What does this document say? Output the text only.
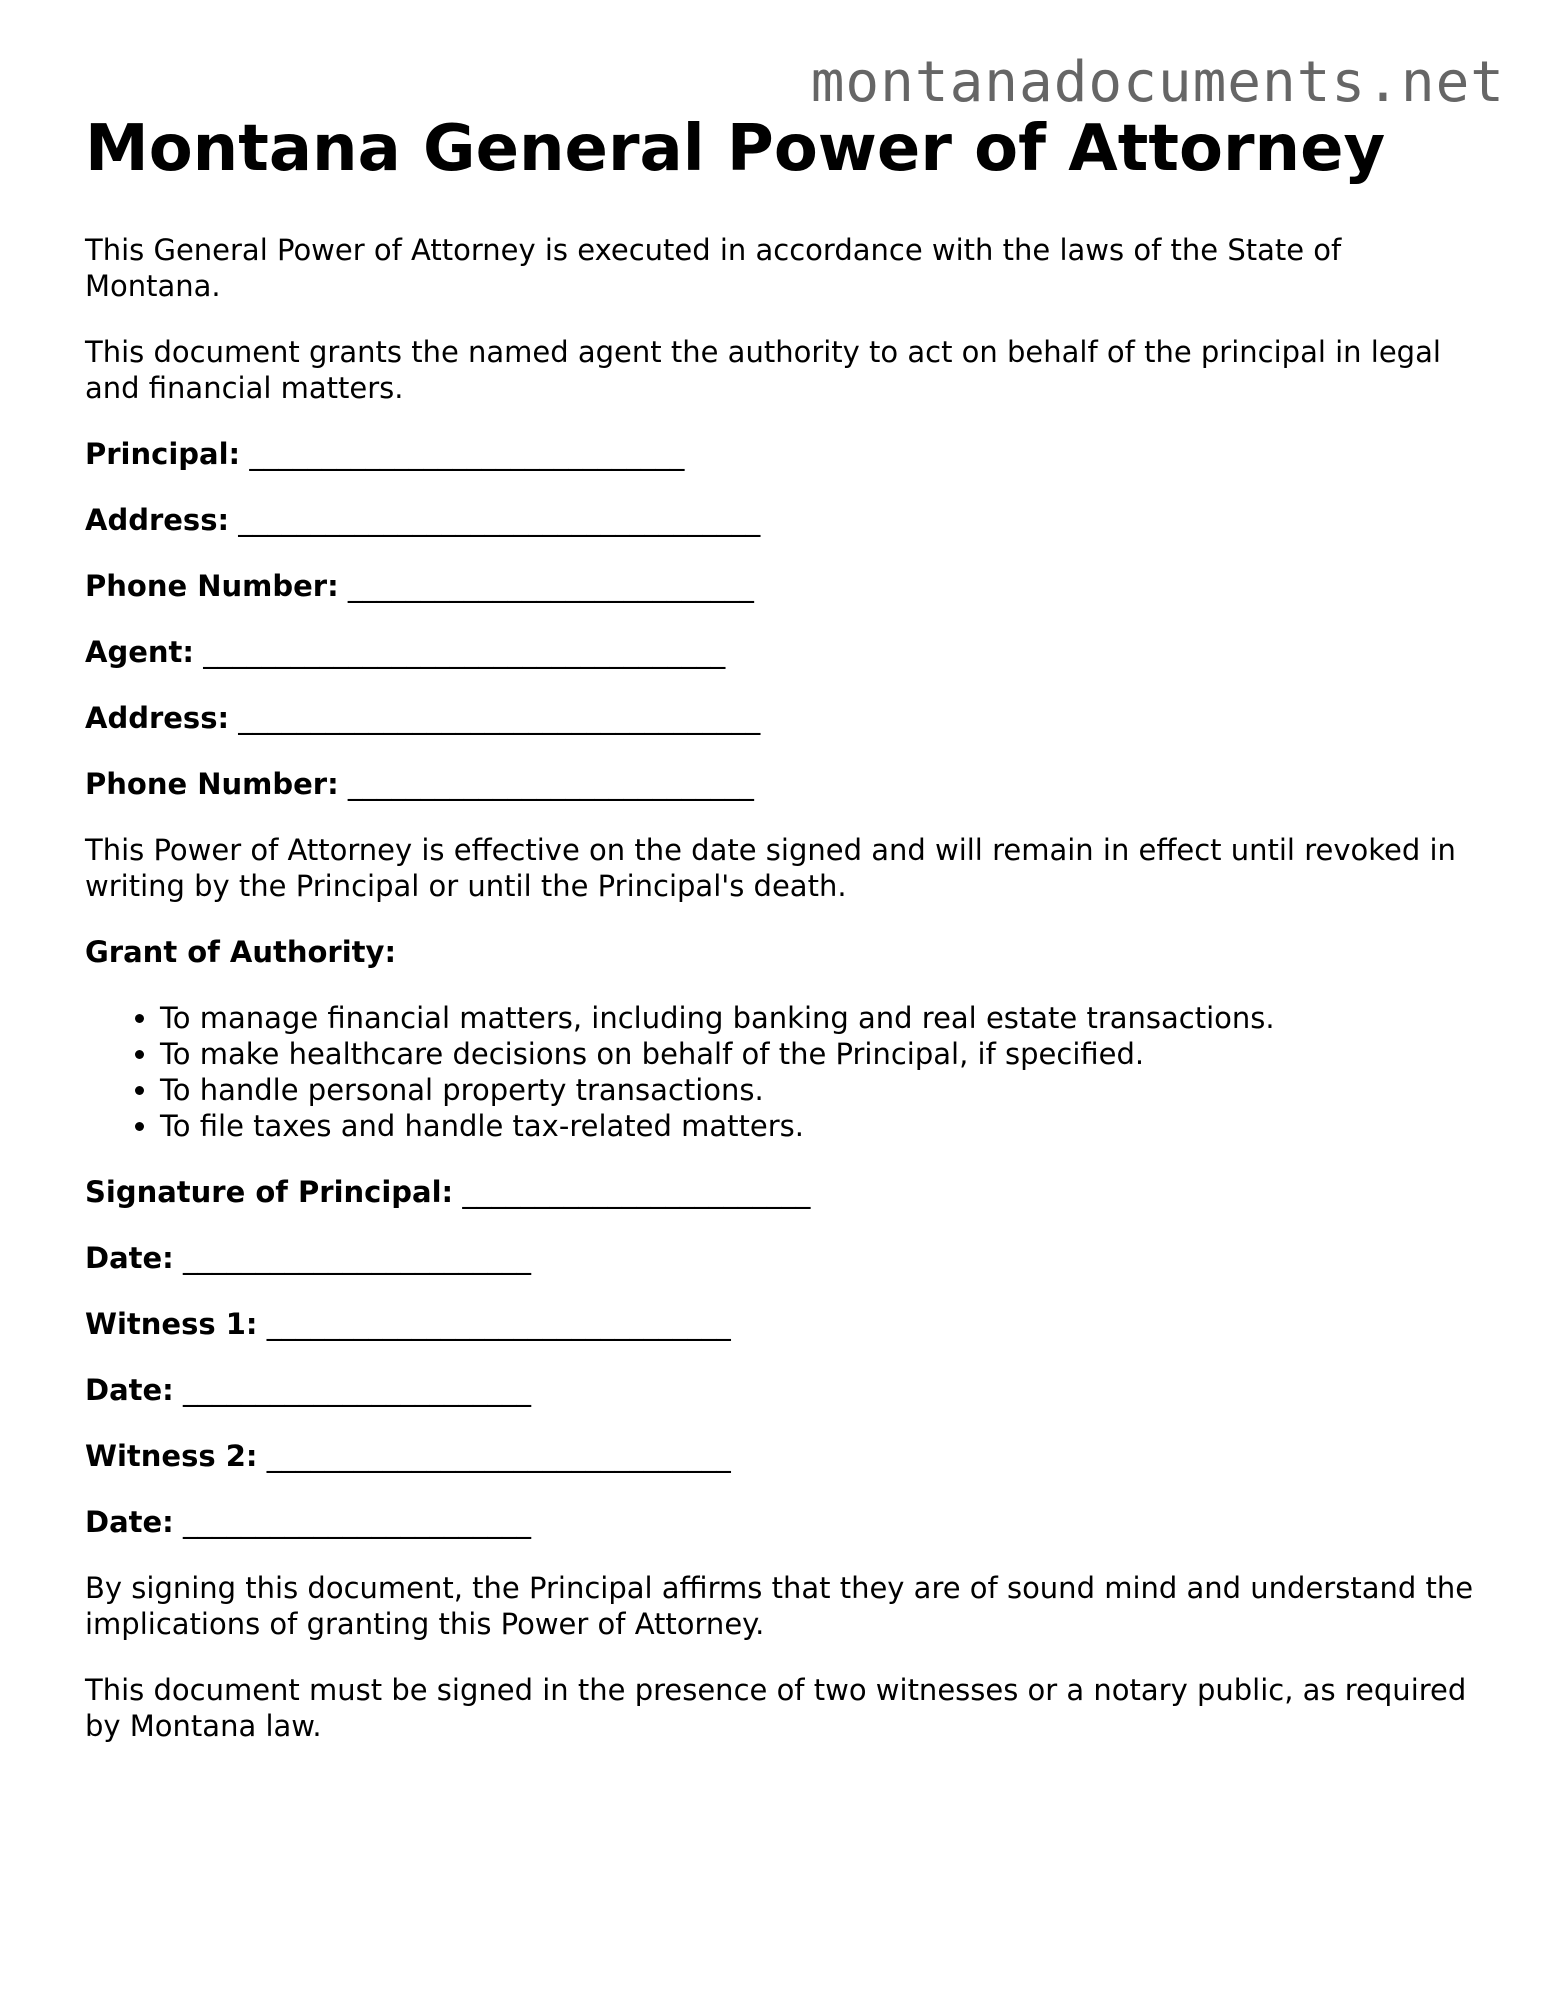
montanadocuments.net
Montana General Power of Attorney

This General Power of Attorney is executed in accordance with the laws of the State of Montana.

This document grants the named agent the authority to act on behalf of the principal in legal and financial matters.

Principal: ______________________________
Address: ____________________________________
Phone Number: ____________________________
Agent: ____________________________________
Address: ____________________________________
Phone Number: ____________________________

This Power of Attorney is effective on the date signed and will remain in effect until revoked in writing by the Principal or until the Principal's death.

Grant of Authority:

• To manage financial matters, including banking and real estate transactions.
• To make healthcare decisions on behalf of the Principal, if specified.
• To handle personal property transactions.
• To file taxes and handle tax-related matters.
Signature of Principal: ________________________
Date: ________________________
Witness 1: ________________________________
Date: ________________________
Witness 2: ________________________________
Date: ________________________

By signing this document, the Principal affirms that they are of sound mind and understand the implications of granting this Power of Attorney.

This document must be signed in the presence of two witnesses or a notary public, as required by Montana law.
